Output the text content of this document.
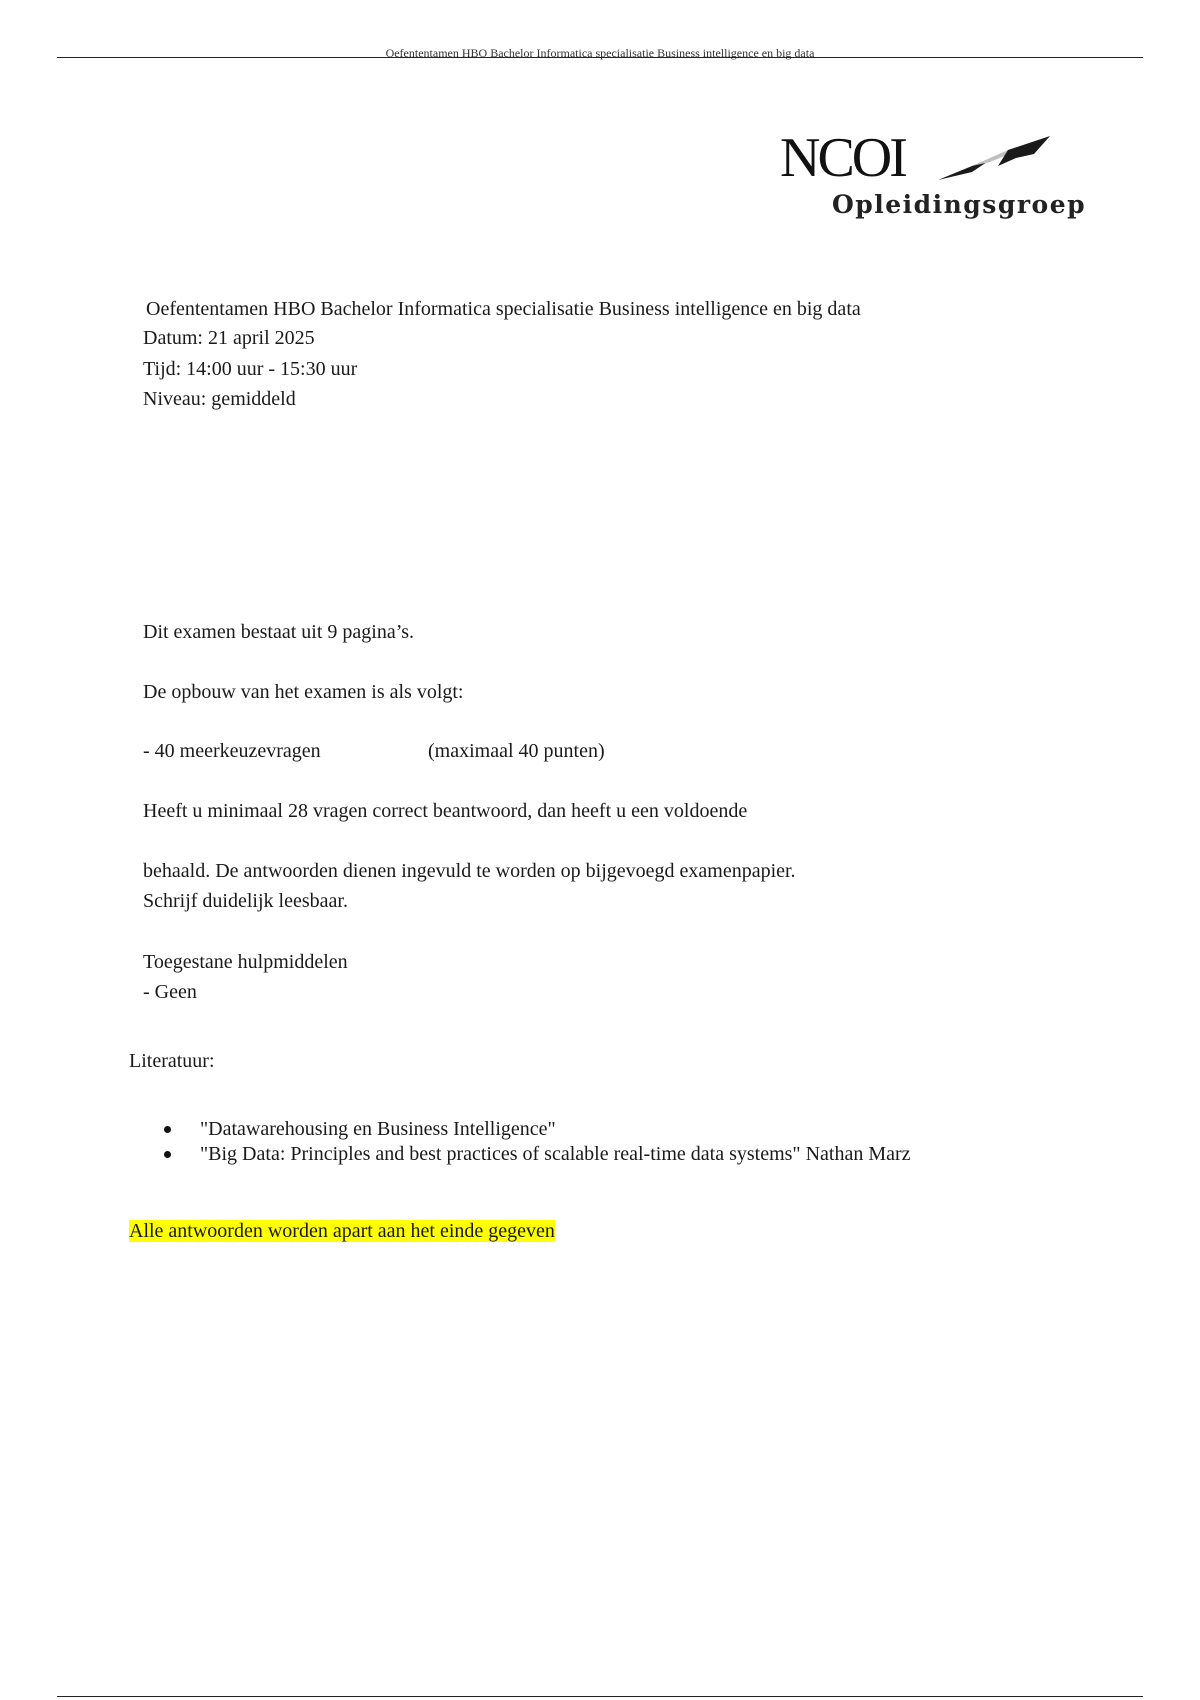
Oefententamen HBO Bachelor Informatica specialisatie Business intelligence en big data
NCOI
Opleidingsgroep
Oefententamen HBO Bachelor Informatica specialisatie Business intelligence en big data
Datum: 21 april 2025
Tijd: 14:00 uur - 15:30 uur
Niveau: gemiddeld
Dit examen bestaat uit 9 pagina’s.
De opbouw van het examen is als volgt:
- 40 meerkeuzevragen	(maximaal 40 punten)
Heeft u minimaal 28 vragen correct beantwoord, dan heeft u een voldoende
behaald. De antwoorden dienen ingevuld te worden op bijgevoegd examenpapier.
Schrijf duidelijk leesbaar.
Toegestane hulpmiddelen
- Geen
Literatuur:
"Datawarehousing en Business Intelligence"
"Big Data: Principles and best practices of scalable real-time data systems" Nathan Marz
Alle antwoorden worden apart aan het einde gegeven
